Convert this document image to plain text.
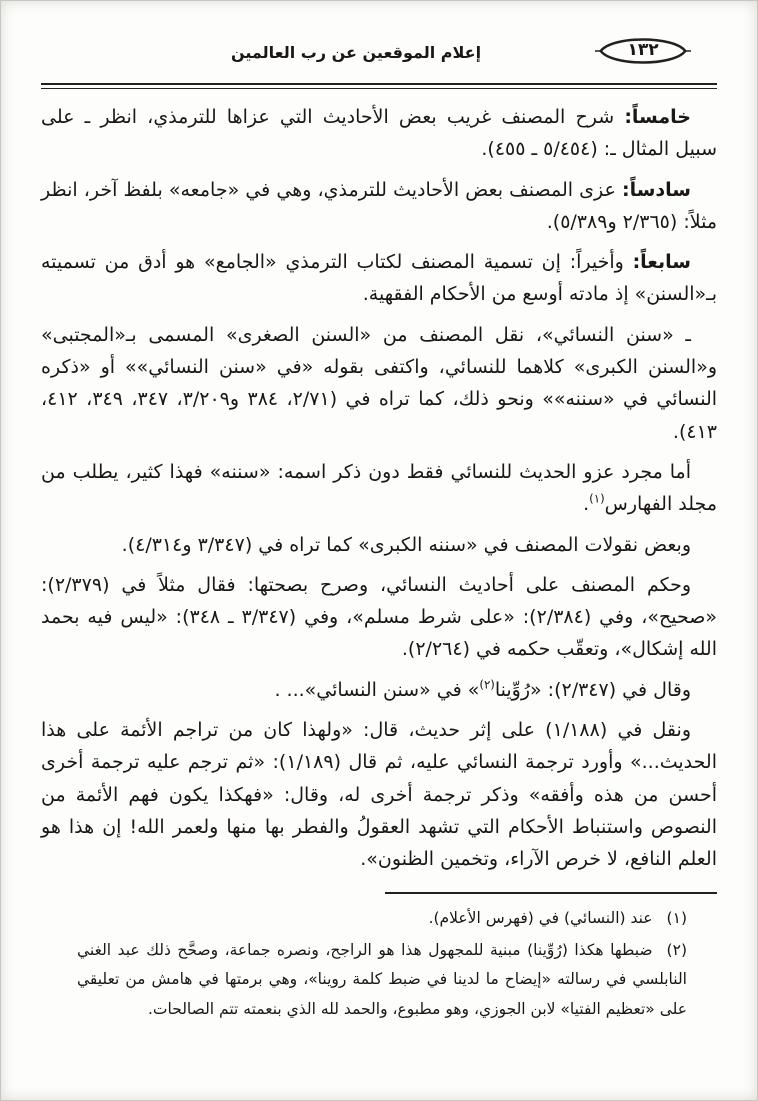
إعلام الموقعين عن رب العالمين	١٣٢

خامساً: شرح المصنف غريب بعض الأحاديث التي عزاها للترمذي، انظر ـ على سبيل المثال ـ: (٥/٤٥٤ ـ ٤٥٥).

سادساً: عزى المصنف بعض الأحاديث للترمذي، وهي في «جامعه» بلفظ آخر، انظر مثلاً: (٢/٣٦٥ و٥/٣٨٩).

سابعاً: وأخيراً: إن تسمية المصنف لكتاب الترمذي «الجامع» هو أدق من تسميته بـ«السنن» إذ مادته أوسع من الأحكام الفقهية.

ـ «سنن النسائي»، نقل المصنف من «السنن الصغرى» المسمى بـ«المجتبى» و«السنن الكبرى» كلاهما للنسائي، واكتفى بقوله «في «سنن النسائي»» أو «ذكره النسائي في «سننه»» ونحو ذلك، كما تراه في (٢/٧١، ٣٨٤ و٣/٢٠٩، ٣٤٧، ٣٤٩، ٤١٢، ٤١٣).

أما مجرد عزو الحديث للنسائي فقط دون ذكر اسمه: «سننه» فهذا كثير، يطلب من مجلد الفهارس$^{(١)}$.

وبعض نقولات المصنف في «سننه الكبرى» كما تراه في (٣/٣٤٧ و٤/٣١٤).

وحكم المصنف على أحاديث النسائي، وصرح بصحتها: فقال مثلاً في (٢/٣٧٩): «صحيح»، وفي (٢/٣٨٤): «على شرط مسلم»، وفي (٣/٣٤٧ ـ ٣٤٨): «ليس فيه بحمد الله إشكال»، وتعقّب حكمه في (٢/٢٦٤).

وقال في (٢/٣٤٧): «رُوِّينا$^{(٢)}$» في «سنن النسائي»... .

ونقل في (١/١٨٨) على إثر حديث، قال: «ولهذا كان من تراجم الأئمة على هذا الحديث...» وأورد ترجمة النسائي عليه، ثم قال (١/١٨٩): «ثم ترجم عليه ترجمة أخرى أحسن من هذه وأفقه» وذكر ترجمة أخرى له، وقال: «فهكذا يكون فهم الأئمة من النصوص واستنباط الأحكام التي تشهد العقولُ والفطر بها منها ولعمر الله! إن هذا هو العلم النافع، لا خرص الآراء، وتخمين الظنون».

(١)عند (النسائي) في (فهرس الأعلام).
(٢)ضبطها هكذا (رُوِّينا) مبنية للمجهول هذا هو الراجح، ونصره جماعة، وصحَّح ذلك عبد الغني النابلسي في رسالته «إيضاح ما لدينا في ضبط كلمة روينا»، وهي برمتها في هامش من تعليقي على «تعظيم الفتيا» لابن الجوزي، وهو مطبوع، والحمد لله الذي بنعمته تتم الصالحات.
